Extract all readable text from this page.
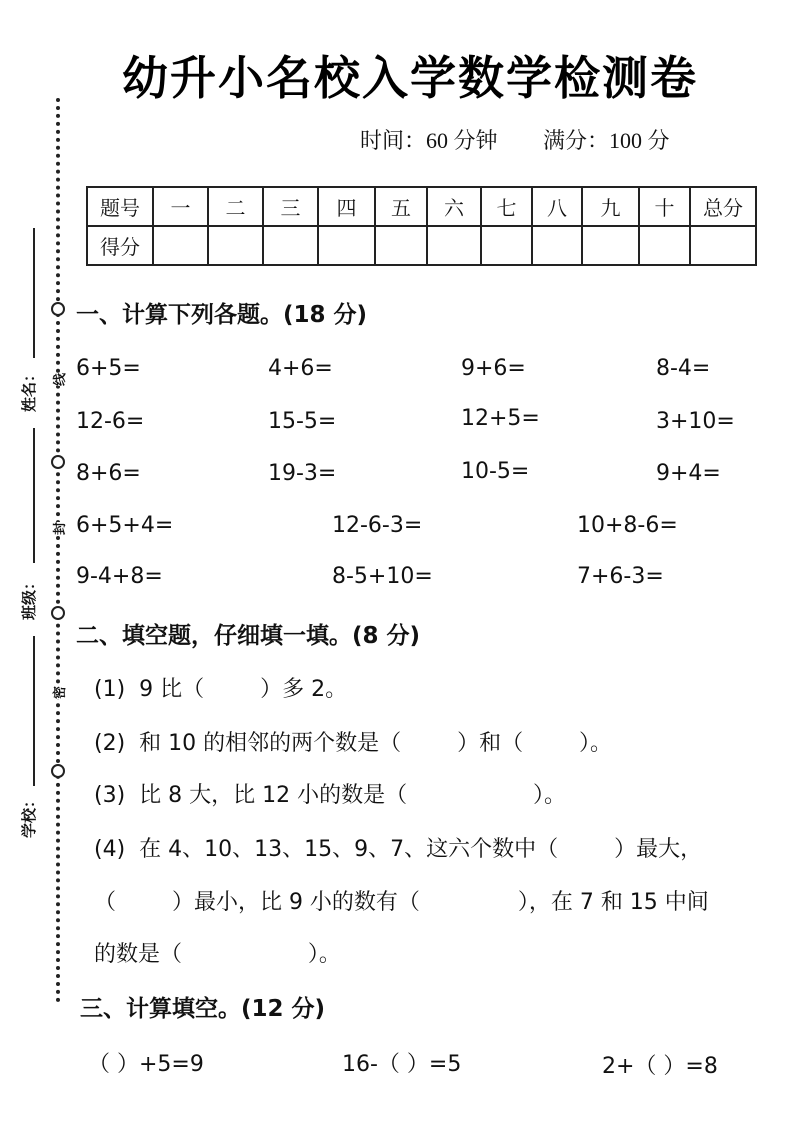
幼升小名校入学数学检测卷
时间：60 分钟 满分：100 分
题号	一	二	三	四	五	六	七	八	九	十	总分
得分											
线
封
密
姓名：
班级：
学校：
一、计算下列各题。(18 分)
6+5=	4+6=	9+6=	8-4=
12-6=	15-5=	12+5=	3+10=
8+6=	19-3=	10-5=	9+4=
6+5+4=	12-6-3=	10+8-6=
9-4+8=	8-5+10=	7+6-3=
二、填空题，仔细填一填。(8 分)
(1)  9 比（        ）多 2。
(2)  和 10 的相邻的两个数是（        ）和（        ）。
(3)  比 8 大，比 12 小的数是（                  ）。
(4)  在 4、10、13、15、9、7、这六个数中（        ）最大，
（        ）最小，比 9 小的数有（              ），在 7 和 15 中间
的数是（                  ）。
三、计算填空。(12 分)
（ ）+5=9	16-（ ）=5	2+（ ）=8
